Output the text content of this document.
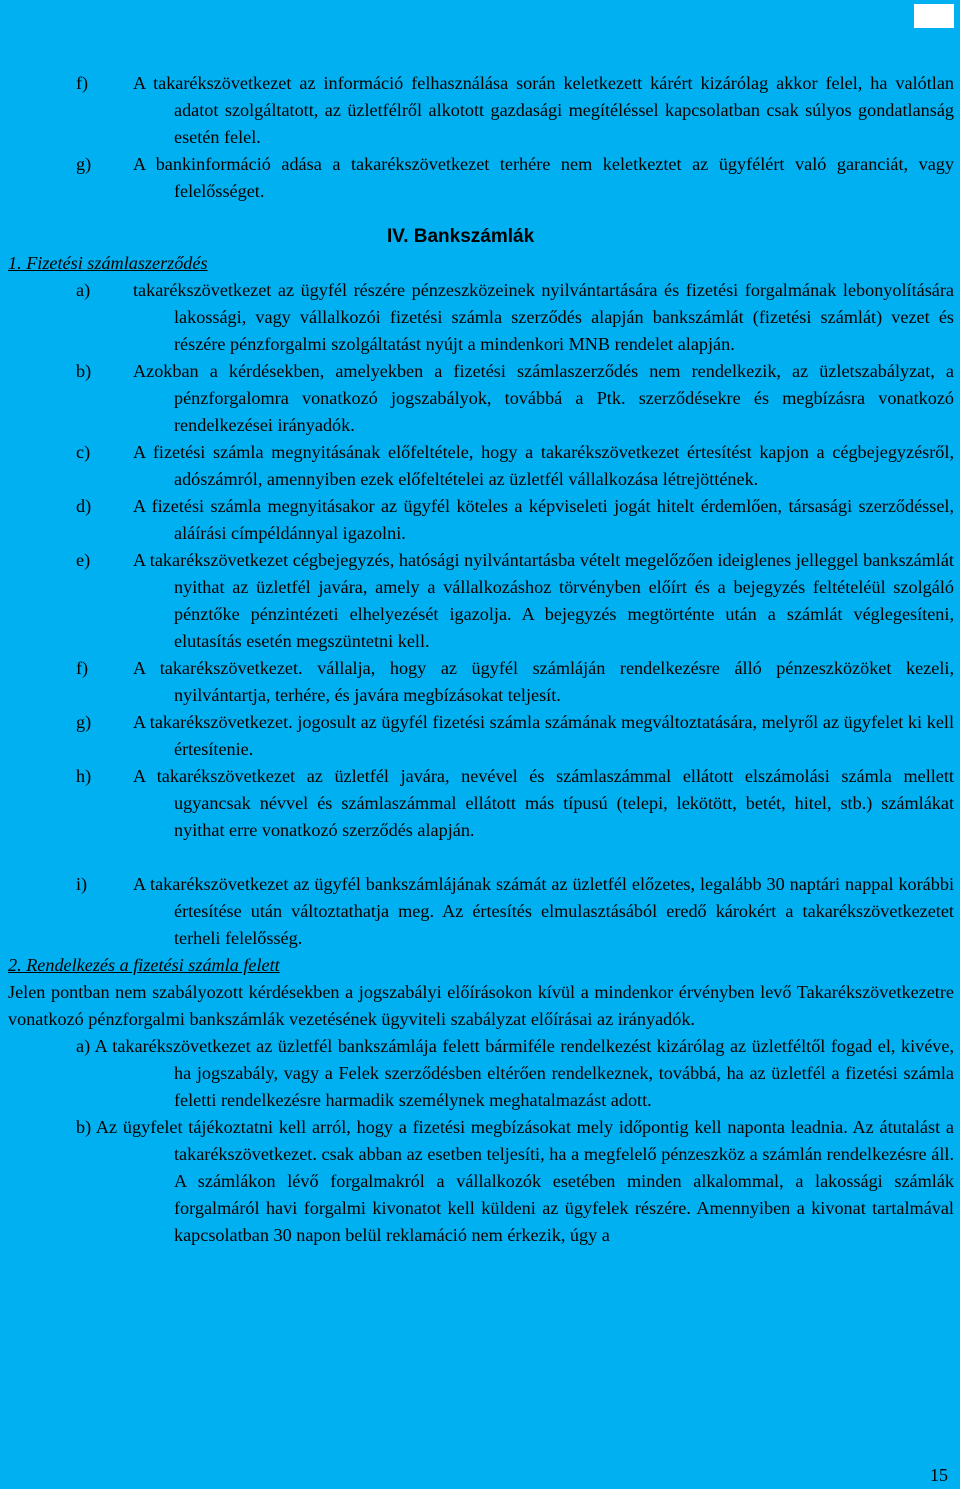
f) A takarékszövetkezet az információ felhasználása során keletkezett kárért kizárólag akkor felel, ha valótlan adatot szolgáltatott, az üzletfélről alkotott gazdasági megítéléssel kapcsolatban csak súlyos gondatlanság esetén felel.
g) A bankinformáció adása a takarékszövetkezet terhére nem keletkeztet az ügyfélért való garanciát, vagy felelősséget.
IV. Bankszámlák
1. Fizetési számlaszerződés
a) takarékszövetkezet az ügyfél részére pénzeszközeinek nyilvántartására és fizetési forgalmának lebonyolítására lakossági, vagy vállalkozói fizetési számla szerződés alapján bankszámlát (fizetési számlát) vezet és részére pénzforgalmi szolgáltatást nyújt a mindenkori MNB rendelet alapján.
b) Azokban a kérdésekben, amelyekben a fizetési számlaszerződés nem rendelkezik, az üzletszabályzat, a pénzforgalomra vonatkozó jogszabályok, továbbá a Ptk. szerződésekre és megbízásra vonatkozó rendelkezései irányadók.
c) A fizetési számla megnyitásának előfeltétele, hogy a takarékszövetkezet értesítést kapjon a cégbejegyzésről, adószámról, amennyiben ezek előfeltételei az üzletfél vállalkozása létrejöttének.
d) A fizetési számla megnyitásakor az ügyfél köteles a képviseleti jogát hitelt érdemlően, társasági szerződéssel, aláírási címpéldánnyal igazolni.
e) A takarékszövetkezet cégbejegyzés, hatósági nyilvántartásba vételt megelőzően ideiglenes jelleggel bankszámlát nyithat az üzletfél javára, amely a vállalkozáshoz törvényben előírt és a bejegyzés feltételéül szolgáló pénztőke pénzintézeti elhelyezését igazolja. A bejegyzés megtörténte után a számlát véglegesíteni, elutasítás esetén megszüntetni kell.
f) A takarékszövetkezet. vállalja, hogy az ügyfél számláján rendelkezésre álló pénzeszközöket kezeli, nyilvántartja, terhére, és javára megbízásokat teljesít.
g) A takarékszövetkezet. jogosult az ügyfél fizetési számla számának megváltoztatására, melyről az ügyfelet ki kell értesítenie.
h) A takarékszövetkezet az üzletfél javára, nevével és számlaszámmal ellátott elszámolási számla mellett ugyancsak névvel és számlaszámmal ellátott más típusú (telepi, lekötött, betét, hitel, stb.) számlákat nyithat erre vonatkozó szerződés alapján.
i)	A takarékszövetkezet az ügyfél bankszámlájának számát az üzletfél előzetes, legalább 30 naptári nappal korábbi értesítése után változtathatja meg. Az értesítés elmulasztásából eredő károkért a takarékszövetkezetet terheli felelősség.
2. Rendelkezés a fizetési számla felett
Jelen pontban nem szabályozott kérdésekben a jogszabályi előírásokon kívül a mindenkor érvényben levő Takarékszövetkezetre vonatkozó pénzforgalmi bankszámlák vezetésének ügyviteli szabályzat előírásai az irányadók.
a) A takarékszövetkezet az üzletfél bankszámlája felett bármiféle rendelkezést kizárólag az üzletféltől fogad el, kivéve, ha jogszabály, vagy a Felek szerződésben eltérően rendelkeznek, továbbá, ha az üzletfél a fizetési számla feletti rendelkezésre harmadik személynek meghatalmazást adott.
b) Az ügyfelet tájékoztatni kell arról, hogy a fizetési megbízásokat mely időpontig kell naponta leadnia. Az átutalást a takarékszövetkezet. csak abban az esetben teljesíti, ha a megfelelő pénzeszköz a számlán rendelkezésre áll. A számlákon lévő forgalmakról a vállalkozók esetében minden alkalommal, a lakossági számlák forgalmáról havi forgalmi kivonatot kell küldeni az ügyfelek részére. Amennyiben a kivonat tartalmával kapcsolatban 30 napon belül reklamáció nem érkezik, úgy a
15
